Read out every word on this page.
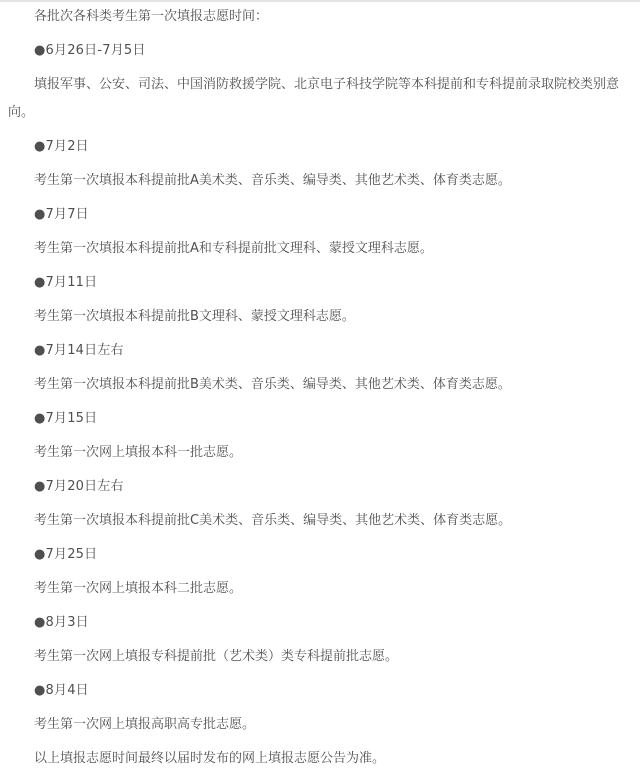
各批次各科类考生第一次填报志愿时间：

●6月26日-7月5日

填报军事、公安、司法、中国消防救援学院、北京电子科技学院等本科提前和专科提前录取院校类别意向。

●7月2日

考生第一次填报本科提前批A美术类、音乐类、编导类、其他艺术类、体育类志愿。

●7月7日

考生第一次填报本科提前批A和专科提前批文理科、蒙授文理科志愿。

●7月11日

考生第一次填报本科提前批B文理科、蒙授文理科志愿。

●7月14日左右

考生第一次填报本科提前批B美术类、音乐类、编导类、其他艺术类、体育类志愿。

●7月15日

考生第一次网上填报本科一批志愿。

●7月20日左右

考生第一次填报本科提前批C美术类、音乐类、编导类、其他艺术类、体育类志愿。

●7月25日

考生第一次网上填报本科二批志愿。

●8月3日

考生第一次网上填报专科提前批（艺术类）类专科提前批志愿。

●8月4日

考生第一次网上填报高职高专批志愿。

以上填报志愿时间最终以届时发布的网上填报志愿公告为准。
